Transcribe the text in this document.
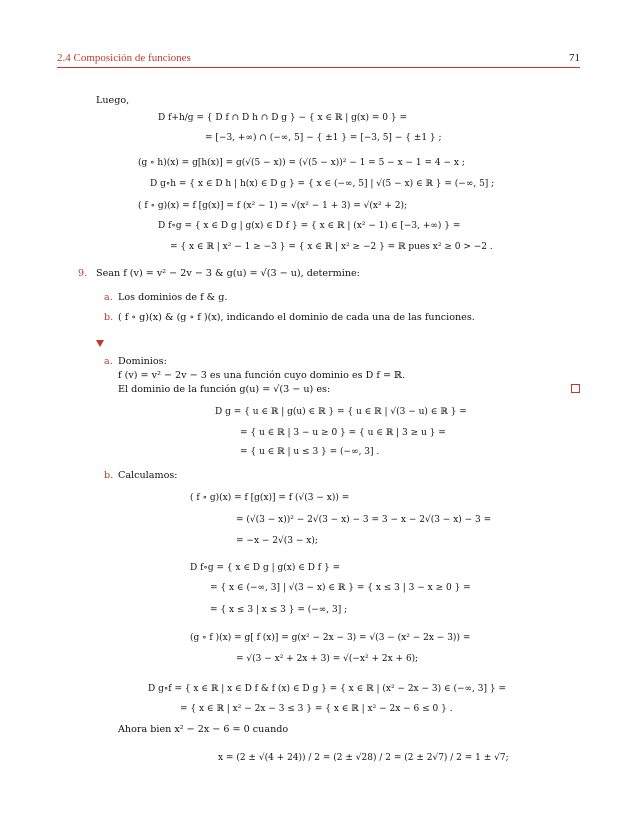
2.4 Composición de funciones	71
Luego,
D f+h/g = { D f ∩ D h ∩ D g } − { x ∈ ℝ | g(x) = 0 } =
= [−3, +∞) ∩ (−∞, 5] − { ±1 } = [−3, 5] − { ±1 } ;
(g ∘ h)(x) = g[h(x)] = g(√(5 − x)) = (√(5 − x))² − 1 = 5 − x − 1 = 4 − x ;
D g∘h = { x ∈ D h | h(x) ∈ D g } = { x ∈ (−∞, 5] | √(5 − x) ∈ ℝ } = (−∞, 5] ;
( f ∘ g)(x) = f [g(x)] = f (x² − 1) = √(x² − 1 + 3) = √(x² + 2);
D f∘g = { x ∈ D g | g(x) ∈ D f } = { x ∈ ℝ | (x² − 1) ∈ [−3, +∞) } =
= { x ∈ ℝ | x² − 1 ≥ −3 } = { x ∈ ℝ | x² ≥ −2 } = ℝ pues x² ≥ 0 > −2 .
9. Sean f (v) = v² − 2v − 3 & g(u) = √(3 − u), determine:
a. Los dominios de f & g.
b. ( f ∘ g)(x) & (g ∘ f )(x), indicando el dominio de cada una de las funciones.
a. Dominios:
f (v) = v² − 2v − 3 es una función cuyo dominio es D f = ℝ.
El dominio de la función g(u) = √(3 − u) es:
D g = { u ∈ ℝ | g(u) ∈ ℝ } = { u ∈ ℝ | √(3 − u) ∈ ℝ } =
= { u ∈ ℝ | 3 − u ≥ 0 } = { u ∈ ℝ | 3 ≥ u } =
= { u ∈ ℝ | u ≤ 3 } = (−∞, 3] .
b. Calculamos:
( f ∘ g)(x) = f [g(x)] = f (√(3 − x)) =
= (√(3 − x))² − 2√(3 − x) − 3 = 3 − x − 2√(3 − x) − 3 =
= −x − 2√(3 − x);
D f∘g = { x ∈ D g | g(x) ∈ D f } =
= { x ∈ (−∞, 3] | √(3 − x) ∈ ℝ } = { x ≤ 3 | 3 − x ≥ 0 } =
= { x ≤ 3 | x ≤ 3 } = (−∞, 3] ;
(g ∘ f )(x) = g[ f (x)] = g(x² − 2x − 3) = √(3 − (x² − 2x − 3)) =
= √(3 − x² + 2x + 3) = √(−x² + 2x + 6);
D g∘f = { x ∈ ℝ | x ∈ D f & f (x) ∈ D g } = { x ∈ ℝ | (x² − 2x − 3) ∈ (−∞, 3] } =
= { x ∈ ℝ | x² − 2x − 3 ≤ 3 } = { x ∈ ℝ | x² − 2x − 6 ≤ 0 } .
Ahora bien x² − 2x − 6 = 0 cuando
x = (2 ± √(4 + 24)) / 2 = (2 ± √28) / 2 = (2 ± 2√7) / 2 = 1 ± √7;
